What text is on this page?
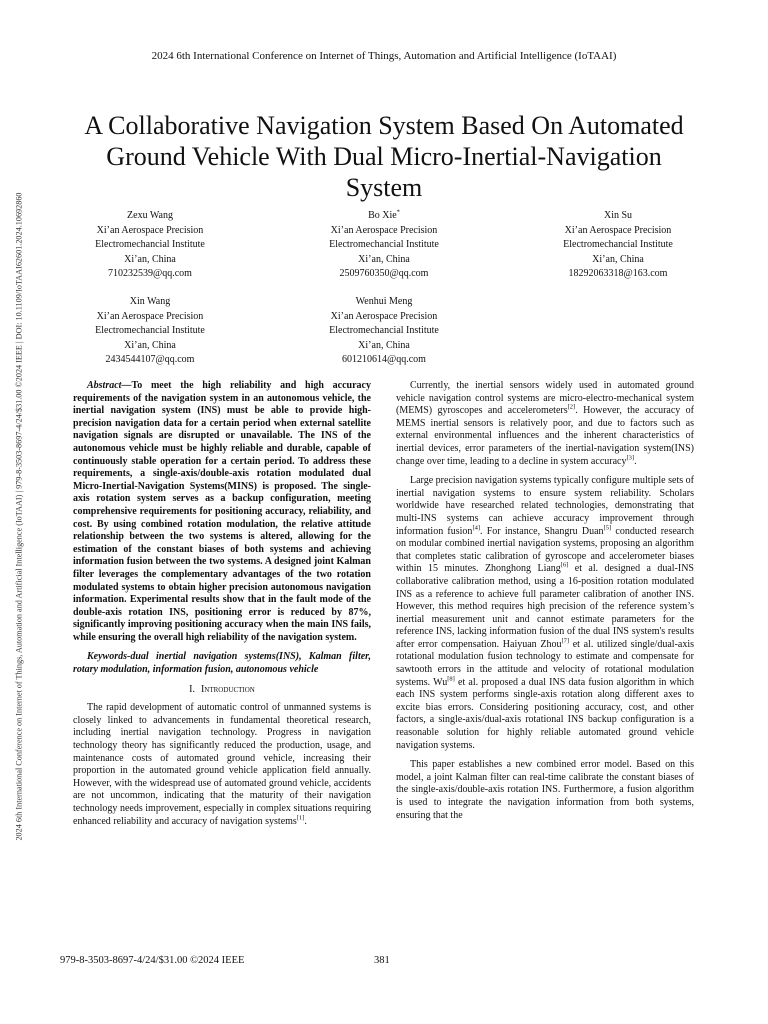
2024 6th International Conference on Internet of Things, Automation and Artificial Intelligence (IoTAAI)
2024 6th International Conference on Internet of Things, Automation and Artificial Intelligence (IoTAAI) | 979-8-3503-8697-4/24/$31.00 ©2024 IEEE | DOI: 10.1109/IoTAAI62601.2024.10692860
A Collaborative Navigation System Based On Automated Ground Vehicle With Dual Micro-Inertial-Navigation System
Zexu Wang
Xi’an Aerospace Precision
Electromechancial Institute
Xi’an, China
710232539@qq.com
Bo Xie*
Xi’an Aerospace Precision
Electromechancial Institute
Xi’an, China
2509760350@qq.com
Xin Su
Xi’an Aerospace Precision
Electromechancial Institute
Xi’an, China
18292063318@163.com
Xin Wang
Xi’an Aerospace Precision
Electromechancial Institute
Xi’an, China
2434544107@qq.com
Wenhui Meng
Xi’an Aerospace Precision
Electromechancial Institute
Xi’an, China
601210614@qq.com

Abstract—To meet the high reliability and high accuracy requirements of the navigation system in an autonomous vehicle, the inertial navigation system (INS) must be able to provide high-precision navigation data for a certain period when external satellite navigation signals are disrupted or unavailable. The INS of the autonomous vehicle must be highly reliable and durable, capable of continuously stable operation for a certain period. To address these requirements, a single-axis/double-axis rotation modulated dual Micro-Inertial-Navigation Systems(MINS) is proposed. The single-axis rotation system serves as a backup configuration, meeting comprehensive requirements for positioning accuracy, reliability, and cost. By using combined rotation modulation, the relative attitude relationship between the two systems is altered, allowing for the estimation of the constant biases of both systems and achieving information fusion between the two systems. A designed joint Kalman filter leverages the complementary advantages of the two rotation modulated systems to obtain higher precision autonomous navigation information. Experimental results show that in the fault mode of the double-axis rotation INS, positioning error is reduced by 87%, significantly improving positioning accuracy when the main INS fails, while ensuring the overall high reliability of the navigation system.

Keywords-dual inertial navigation systems(INS), Kalman filter, rotary modulation, information fusion, autonomous vehicle

I. Introduction

The rapid development of automatic control of unmanned systems is closely linked to advancements in fundamental theoretical research, including inertial navigation technology. Progress in navigation technology theory has significantly reduced the production, usage, and maintenance costs of automated ground vehicle, increasing their proportion in the automated ground vehicle application field annually. However, with the widespread use of automated ground vehicle, accidents are not uncommon, indicating that the maturity of their navigation technology needs improvement, especially in complex situations requiring enhanced reliability and accuracy of navigation systems[1].

Currently, the inertial sensors widely used in automated ground vehicle navigation control systems are micro-electro-mechanical system (MEMS) gyroscopes and accelerometers[2]. However, the accuracy of MEMS inertial sensors is relatively poor, and due to factors such as external environmental influences and the inherent characteristics of inertial devices, error parameters of the inertial-navigation system(INS) change over time, leading to a decline in system accuracy[3].

Large precision navigation systems typically configure multiple sets of inertial navigation systems to ensure system reliability. Scholars worldwide have researched related technologies, demonstrating that multi-INS systems can achieve accuracy improvement through information fusion[4]. For instance, Shangru Duan[5] conducted research on modular combined inertial navigation systems, proposing an algorithm that completes static calibration of gyroscope and accelerometer biases within 15 minutes. Zhonghong Liang[6] et al. designed a dual-INS collaborative calibration method, using a 16-position rotation modulated INS as a reference to achieve full parameter calibration of another INS. However, this method requires high precision of the reference system’s inertial measurement unit and cannot estimate parameters for the reference INS, lacking information fusion of the dual INS system's results after error compensation. Haiyuan Zhou[7] et al. utilized single/dual-axis rotational modulation fusion technology to estimate and compensate for sawtooth errors in the attitude and velocity of rotational modulation systems. Wu[8] et al. proposed a dual INS data fusion algorithm in which each INS system performs single-axis rotation along different axes to excite bias errors. Considering positioning accuracy, cost, and other factors, a single-axis/dual-axis rotational INS backup configuration is a reasonable solution for highly reliable automated ground vehicle navigation systems.

This paper establishes a new combined error model. Based on this model, a joint Kalman filter can real-time calibrate the constant biases of the single-axis/double-axis rotation INS. Furthermore, a fusion algorithm is used to integrate the navigation information from both systems, ensuring that the

979-8-3503-8697-4/24/$31.00 ©2024 IEEE	381
